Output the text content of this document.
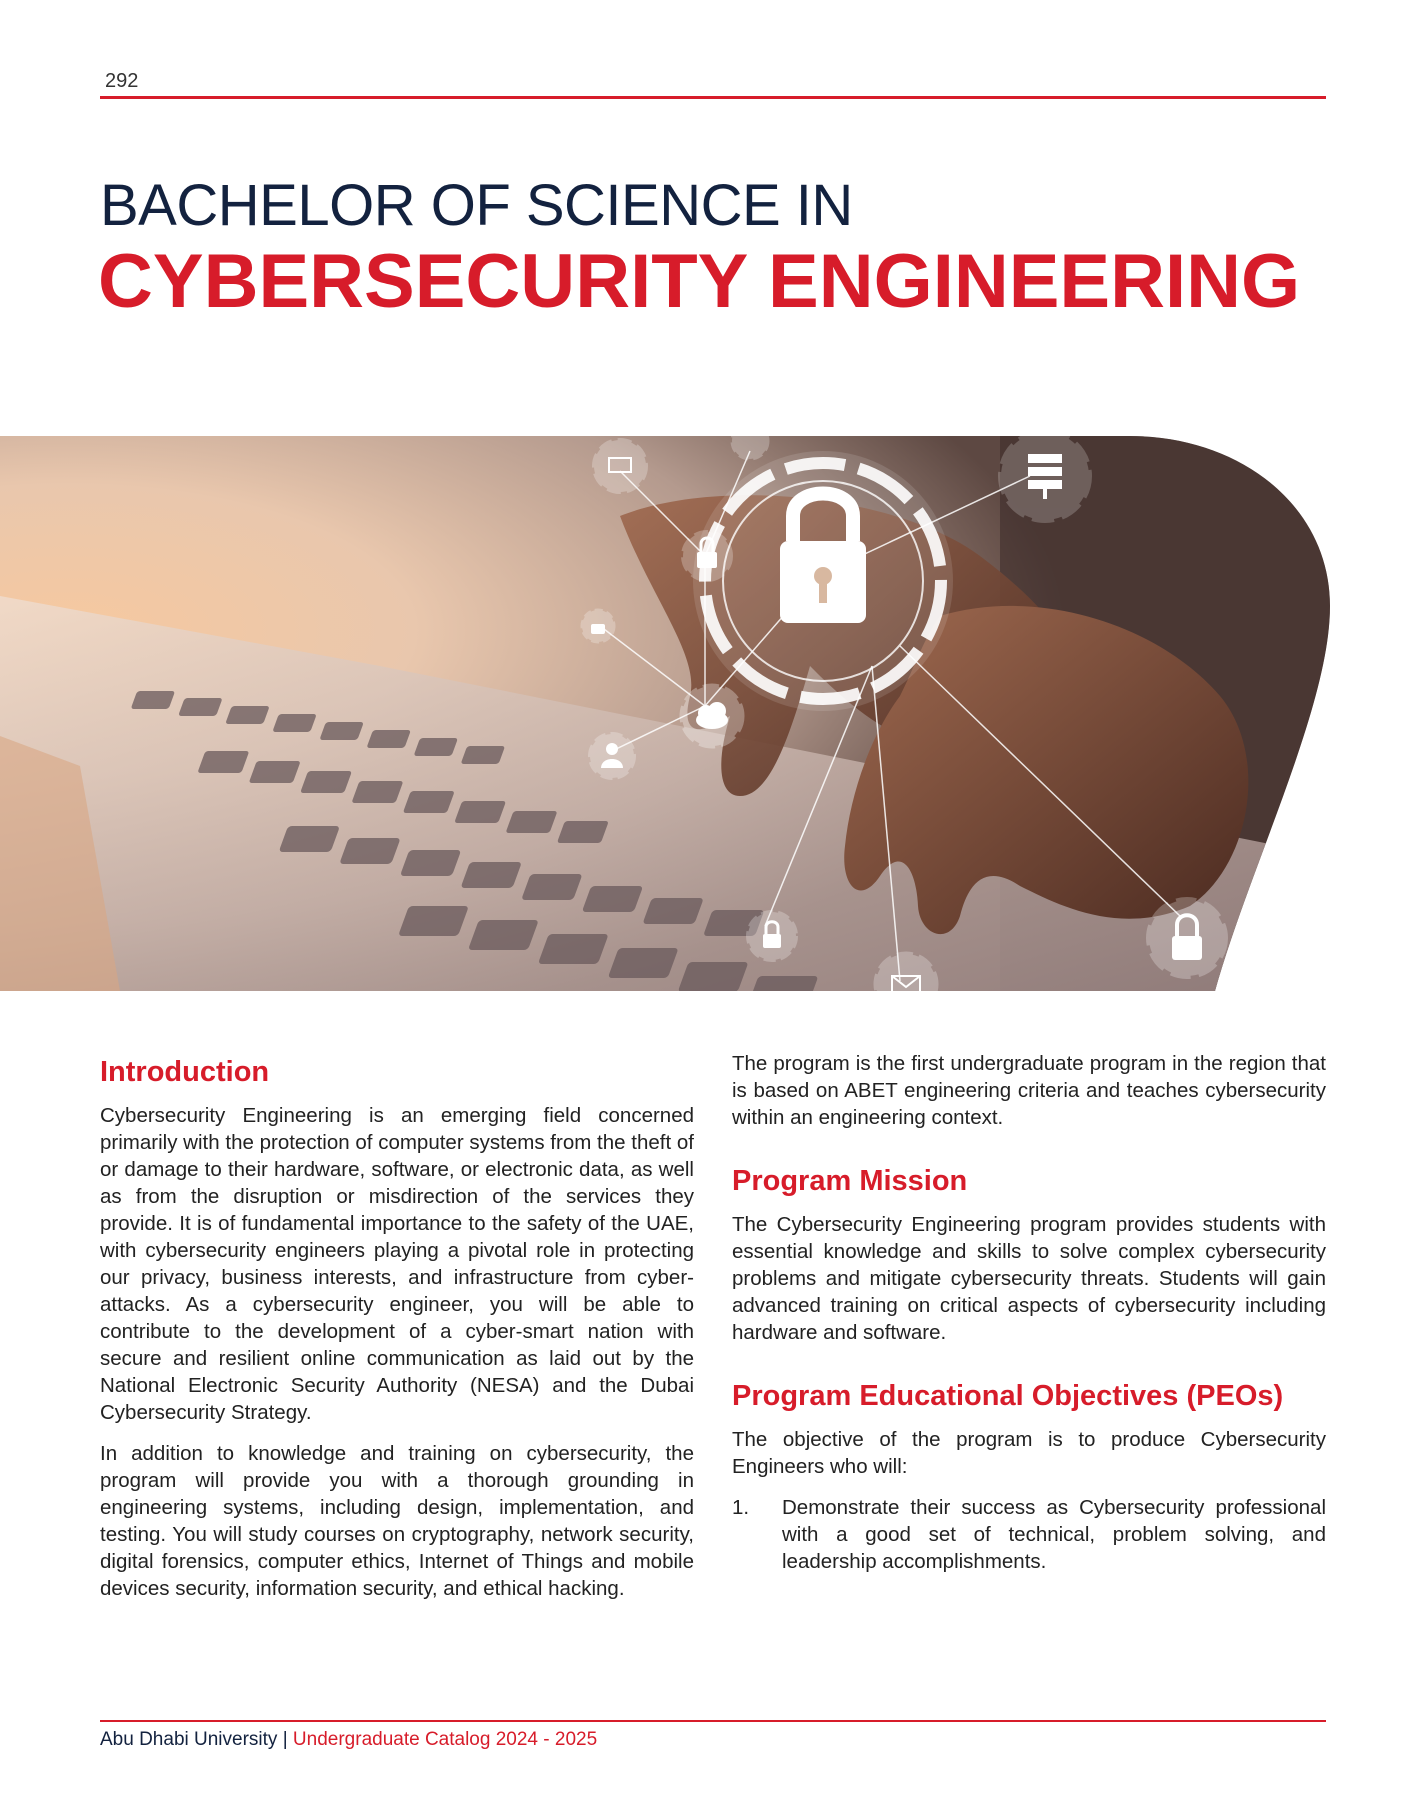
292
BACHELOR OF SCIENCE IN
CYBERSECURITY ENGINEERING
Introduction

Cybersecurity Engineering is an emerging field concerned primarily with the protection of computer systems from the theft of or damage to their hardware, software, or electronic data, as well as from the disruption or misdirection of the services they provide. It is of fundamental importance to the safety of the UAE, with cybersecurity engineers playing a pivotal role in protecting our privacy, business interests, and infrastructure from cyber-attacks. As a cybersecurity engineer, you will be able to contribute to the development of a cyber-smart nation with secure and resilient online communication as laid out by the National Electronic Security Authority (NESA) and the Dubai Cybersecurity Strategy.

In addition to knowledge and training on cybersecurity, the program will provide you with a thorough grounding in engineering systems, including design, implementation, and testing. You will study courses on cryptography, network security, digital forensics, computer ethics, Internet of Things and mobile devices security, information security, and ethical hacking.

The program is the first undergraduate program in the region that is based on ABET engineering criteria and teaches cybersecurity within an engineering context.

Program Mission

The Cybersecurity Engineering program provides students with essential knowledge and skills to solve complex cybersecurity problems and mitigate cybersecurity threats. Students will gain advanced training on critical aspects of cybersecurity including hardware and software.

Program Educational Objectives (PEOs)

The objective of the program is to produce Cybersecurity Engineers who will:

1. Demonstrate their success as Cybersecurity professional with a good set of technical, problem solving, and leadership accomplishments.
Abu Dhabi University | Undergraduate Catalog 2024 - 2025
